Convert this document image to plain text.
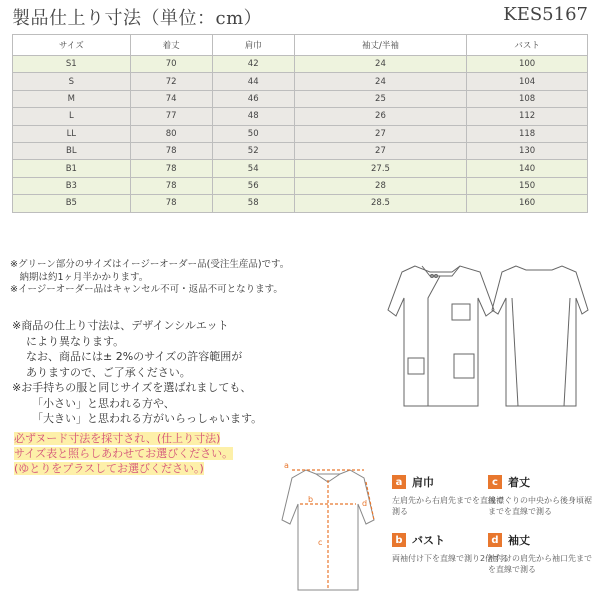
製品仕上り寸法（単位：cm）	KES5167
サイズ	着丈	肩巾	袖丈/半袖	バスト
S1	70	42	24	100
S	72	44	24	104
M	74	46	25	108
L	77	48	26	112
LL	80	50	27	118
BL	78	52	27	130
B1	78	54	27.5	140
B3	78	56	28	150
B5	78	58	28.5	160
※グリーン部分のサイズはイージーオーダー品(受注生産品)です。
　納期は約1ヶ月半かかります。
※イージーオーダー品はキャンセル不可・返品不可となります。
※商品の仕上り寸法は、デザインシルエット
により異なります。
なお、商品には± 2%のサイズの許容範囲が
ありますので、ご了承ください。
※お手持ちの服と同じサイズを選ばれましても、
「小さい」と思われる方や、
「大きい」と思われる方がいらっしゃいます。
必ずヌード寸法を採寸され、(仕上り寸法)
サイズ表と照らしあわせてお選びください。
(ゆとりをプラスしてお選びください。)	a
b
c
d
a 肩巾
左肩先から右肩先までを直線で測る
c 着丈
後襟ぐりの中央から後身頃裾までを直線で測る
b バスト
両袖付け下を直線で測り2倍する
d 袖丈
袖付けの肩先から袖口先までを直線で測る
